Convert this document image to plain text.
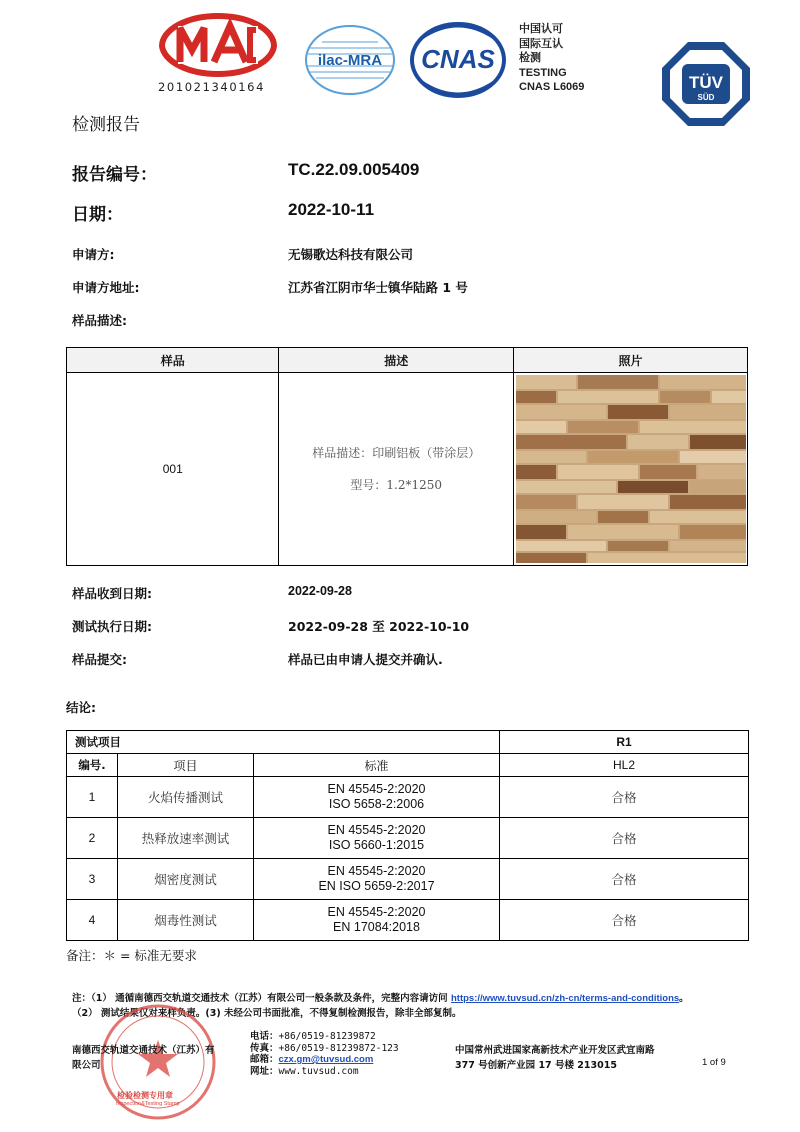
201021340164
ilac-MRA CNAS
中国认可
国际互认
检测
TESTING
CNAS L6069	TÜV
SÜD
检测报告
报告编号：	TC.22.09.005409
日期：	2022-10-11
申请方:	无锡歌达科技有限公司
申请方地址:	江苏省江阴市华士镇华陆路 1 号
样品描述:
样品	描述	照片
001	样品描述：印刷铝板（带涂层）
型号：1.2*1250

样品收到日期:	2022-09-28
测试执行日期:	2022-09-28 至 2022-10-10
样品提交:	样品已由申请人提交并确认.
结论:
测试项目			R1
编号.	项目	标准	HL2
1	火焰传播测试	EN 45545-2:2020
ISO 5658-2:2006	合格
2	热释放速率测试	EN 45545-2:2020
ISO 5660-1:2015	合格
3	烟密度测试	EN 45545-2:2020
EN ISO 5659-2:2017	合格
4	烟毒性测试	EN 45545-2:2020
EN 17084:2018	合格
备注：＊ = 标准无要求
注：（1） 通循南德西交轨道交通技术（江苏）有限公司一般条款及条件，完整内容请访问 https://www.tuvsud.cn/zh-cn/terms-and-conditions。
（2） 测试结果仅对来样负责。(3) 未经公司书面批准，不得复制检测报告，除非全部复制。
检验检测专用章
Inspection&Testing Stamp
南德西交轨道交通技术（江苏）有
限公司
电话：+86/0519-81239872
传真：+86/0519-81239872-123
邮箱：czx.gm@tuvsud.com
网址：www.tuvsud.com
中国常州武进国家高新技术产业开发区武宜南路
377 号创新产业园 17 号楼 213015	1 of 9
